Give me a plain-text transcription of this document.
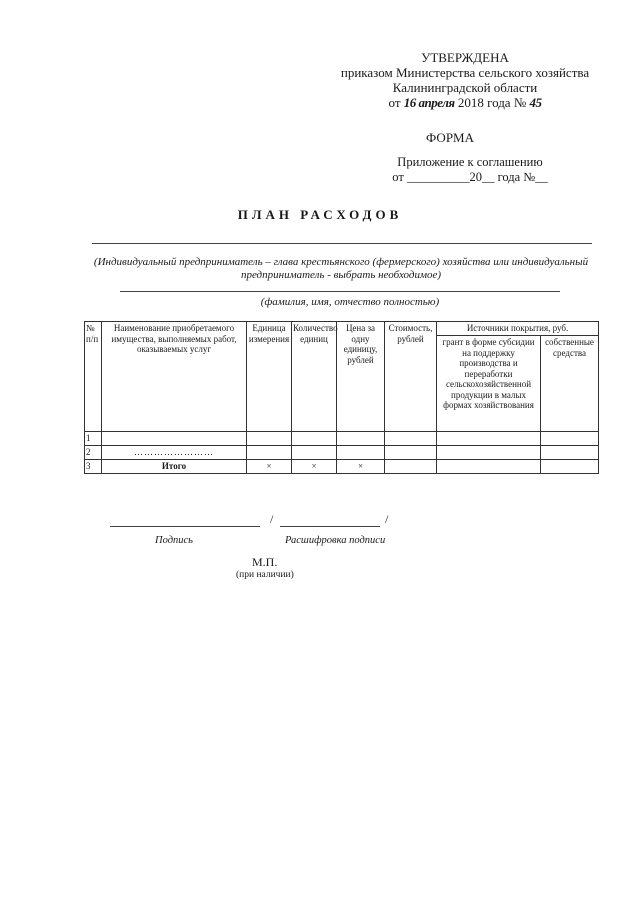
УТВЕРЖДЕНА
приказом Министерства сельского хозяйства
Калининградской области
от 16 апреля 2018 года № 45
ФОРМА
Приложение к соглашению
от __________20__ года №__
ПЛАН РАСХОДОВ
(Индивидуальный предприниматель – глава крестьянского (фермерского) хозяйства или индивидуальный
предприниматель - выбрать необходимое)
(фамилия, имя, отчество полностью)
№ п/п	Наименование приобретаемого имущества, выполняемых работ, оказываемых услуг	Единица измерения	Количество единиц	Цена за одну единицу, рублей	Стоимость, рублей	Источники покрытия, руб.	
						грант в форме субсидии на поддержку производства и переработки сельскохозяйственной продукции в малых формах хозяйствования	собственные средства
1							
2	……………………						
3	Итого	×	×	×			
/	/
Подпись	Расшифровка подписи
М.П.
(при наличии)
